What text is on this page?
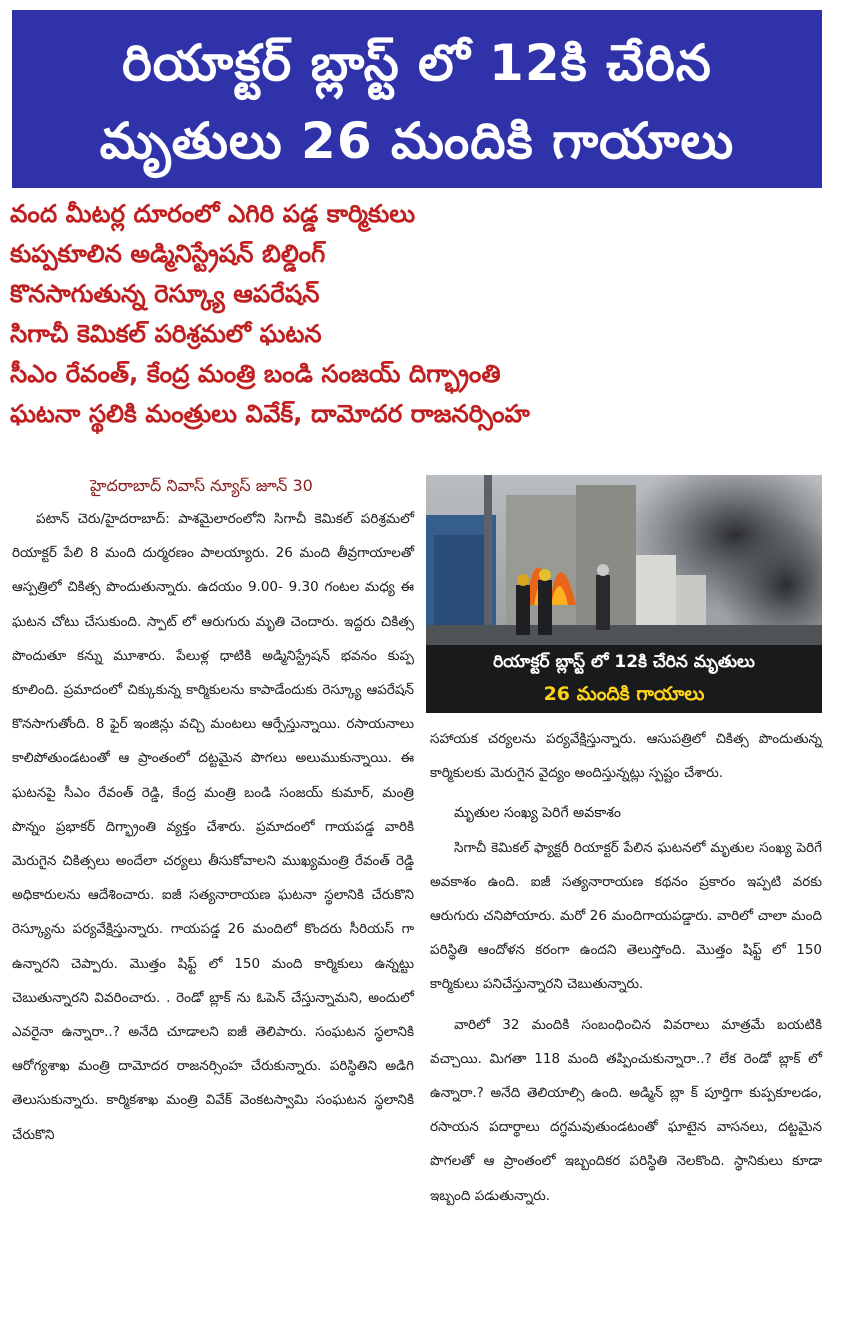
రియాక్టర్ బ్లాస్ట్ లో 12కి చేరిన
మృతులు 26 మందికి గాయాలు
వంద మీటర్ల దూరంలో ఎగిరి పడ్డ కార్మికులు
కుప్పకూలిన అడ్మినిస్ట్రేషన్ బిల్డింగ్
కొనసాగుతున్న రెస్క్యూ ఆపరేషన్
సిగాచీ కెమికల్ పరిశ్రమలో ఘటన
సీఎం రేవంత్, కేంద్ర మంత్రి బండి సంజయ్ దిగ్భ్రాంతి
ఘటనా స్థలికి మంత్రులు వివేక్, దామోదర రాజనర్సింహ
హైదరాబాద్ నివాస్ న్యూస్ జూన్ 30

పటాన్ చెరు/హైదరాబాద్: పాశమైలారంలోని సిగాచీ కెమికల్ పరిశ్రమలో రియాక్టర్ పేలి 8 మంది దుర్మరణం పాలయ్యారు. 26 మంది తీవ్రగాయాలతో ఆస్పత్రిలో చికిత్స పొందుతున్నారు. ఉదయం 9.00- 9.30 గంటల మధ్య ఈ ఘటన చోటు చేసుకుంది. స్పాట్ లో ఆరుగురు మృతి చెందారు. ఇద్దరు చికిత్స పొందుతూ కన్ను మూశారు. పేలుళ్ల ధాటికి అడ్మినిస్ట్రేషన్ భవనం కుప్ప కూలింది. ప్రమాదంలో చిక్కుకున్న కార్మికులను కాపాడేందుకు రెస్క్యూ ఆపరేషన్ కొనసాగుతోంది. 8 ఫైర్ ఇంజిన్లు వచ్చి మంటలు ఆర్పేస్తున్నాయి. రసాయనాలు కాలిపోతుండటంతో ఆ ప్రాంతంలో దట్టమైన పొగలు అలుముకున్నాయి. ఈ ఘటనపై సీఎం రేవంత్ రెడ్డి, కేంద్ర మంత్రి బండి సంజయ్ కుమార్, మంత్రి పొన్నం ప్రభాకర్ దిగ్భ్రాంతి వ్యక్తం చేశారు. ప్రమాదంలో గాయపడ్డ వారికి మెరుగైన చికిత్సలు అందేలా చర్యలు తీసుకోవాలని ముఖ్యమంత్రి రేవంత్ రెడ్డి అధికారులను ఆదేశించారు. ఐజీ సత్యనారాయణ ఘటనా స్థలానికి చేరుకొని రెస్క్యూను పర్యవేక్షిస్తున్నారు. గాయపడ్డ 26 మందిలో కొందరు సీరియస్ గా ఉన్నారని చెప్పారు. మొత్తం షిఫ్ట్ లో 150 మంది కార్మికులు ఉన్నట్టు చెబుతున్నారని వివరించారు. . రెండో బ్లాక్ ను ఓపెన్ చేస్తున్నామని, అందులో ఎవరైనా ఉన్నారా..? అనేది చూడాలని ఐజీ తెలిపారు. సంఘటన స్థలానికి ఆరోగ్యశాఖ మంత్రి దామోదర రాజనర్సింహ చేరుకున్నారు. పరిస్థితిని అడిగి తెలుసుకున్నారు. కార్మికశాఖ మంత్రి వివేక్ వెంకటస్వామి సంఘటన స్థలానికి చేరుకొని

రియాక్టర్ బ్లాస్ట్ లో 12కి చేరిన మృతులు
26 మందికి గాయాలు

సహాయక చర్యలను పర్యవేక్షిస్తున్నారు. ఆసుపత్రిలో చికిత్స పొందుతున్న కార్మికులకు మెరుగైన వైద్యం అందిస్తున్నట్లు స్పష్టం చేశారు.

మృతుల సంఖ్య పెరిగే అవకాశం

సిగాచీ కెమికల్ ఫ్యాక్టరీ రియాక్టర్ పేలిన ఘటనలో మృతుల సంఖ్య పెరిగే అవకాశం ఉంది. ఐజీ సత్యనారాయణ కథనం ప్రకారం ఇప్పటి వరకు ఆరుగురు చనిపోయారు. మరో 26 మందిగాయపడ్డారు. వారిలో చాలా మంది పరిస్థితి ఆందోళన కరంగా ఉందని తెలుస్తోంది. మొత్తం షిఫ్ట్ లో 150 కార్మికులు పనిచేస్తున్నారని చెబుతున్నారు.

వారిలో 32 మందికి సంబంధించిన వివరాలు మాత్రమే బయటికి వచ్చాయి. మిగతా 118 మంది తప్పించుకున్నారా..? లేక రెండో బ్లాక్ లో ఉన్నారా.? అనేది తెలియాల్సి ఉంది. అడ్మిన్ బ్లా క్ పూర్తిగా కుప్పకూలడం, రసాయన పదార్థాలు దగ్ధమవుతుండటంతో ఘాటైన వాసనలు, దట్టమైన పొగలతో ఆ ప్రాంతంలో ఇబ్బందికర పరిస్థితి నెలకొంది. స్థానికులు కూడా ఇబ్బంది పడుతున్నారు.
